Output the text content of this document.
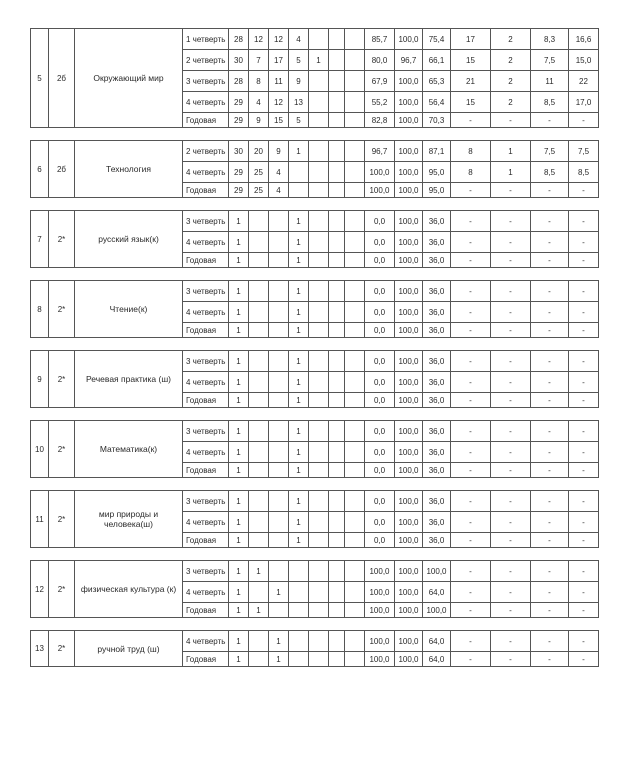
5	2б	Окружающий мир	1 четверть	28	12	12	4				85,7	100,0	75,4	17	2	8,3	16,6
			2 четверть	30	7	17	5	1			80,0	96,7	66,1	15	2	7,5	15,0
			3 четверть	28	8	11	9				67,9	100,0	65,3	21	2	11	22
			4 четверть	29	4	12	13				55,2	100,0	56,4	15	2	8,5	17,0
			Годовая	29	9	15	5				82,8	100,0	70,3	-	-	-	-

6	2б	Технология	2 четверть	30	20	9	1				96,7	100,0	87,1	8	1	7,5	7,5
			4 четверть	29	25	4					100,0	100,0	95,0	8	1	8,5	8,5
			Годовая	29	25	4					100,0	100,0	95,0	-	-	-	-

7	2*	русский язык(к)	3 четверть	1			1				0,0	100,0	36,0	-	-	-	-
			4 четверть	1			1				0,0	100,0	36,0	-	-	-	-
			Годовая	1			1				0,0	100,0	36,0	-	-	-	-

8	2*	Чтение(к)	3 четверть	1			1				0,0	100,0	36,0	-	-	-	-
			4 четверть	1			1				0,0	100,0	36,0	-	-	-	-
			Годовая	1			1				0,0	100,0	36,0	-	-	-	-

9	2*	Речевая практика (ш)	3 четверть	1			1				0,0	100,0	36,0	-	-	-	-
			4 четверть	1			1				0,0	100,0	36,0	-	-	-	-
			Годовая	1			1				0,0	100,0	36,0	-	-	-	-

10	2*	Математика(к)	3 четверть	1			1				0,0	100,0	36,0	-	-	-	-
			4 четверть	1			1				0,0	100,0	36,0	-	-	-	-
			Годовая	1			1				0,0	100,0	36,0	-	-	-	-

11	2*	мир природы и человека(ш)	3 четверть	1			1				0,0	100,0	36,0	-	-	-	-
			4 четверть	1			1				0,0	100,0	36,0	-	-	-	-
			Годовая	1			1				0,0	100,0	36,0	-	-	-	-

12	2*	физическая культура (к)	3 четверть	1	1						100,0	100,0	100,0	-	-	-	-
			4 четверть	1		1					100,0	100,0	64,0	-	-	-	-
			Годовая	1	1						100,0	100,0	100,0	-	-	-	-

13	2*	ручной труд (ш)	4 четверть	1		1					100,0	100,0	64,0	-	-	-	-
			Годовая	1		1					100,0	100,0	64,0	-	-	-	-
